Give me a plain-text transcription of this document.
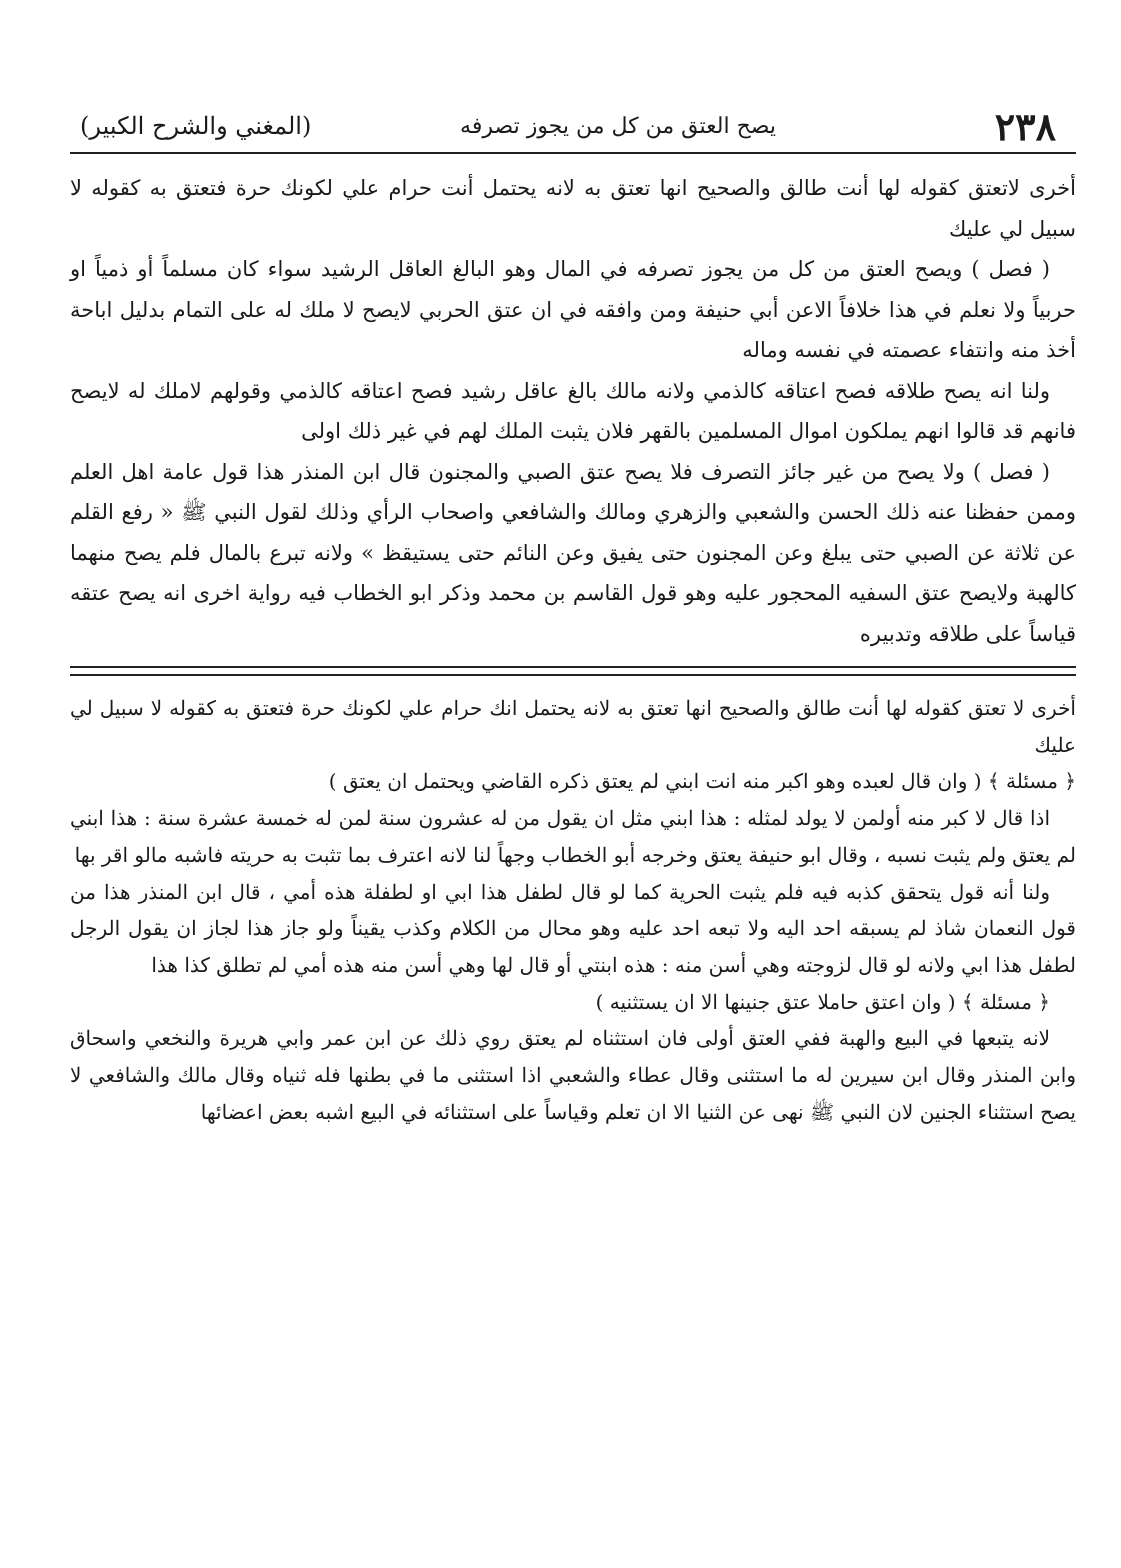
٢٣٨
يصح العتق من كل من يجوز تصرفه
(المغني والشرح الكبير)

أخرى لاتعتق كقوله لها أنت طالق والصحيح انها تعتق به لانه يحتمل أنت حرام علي لكونك حرة فتعتق به كقوله لا سبيل لي عليك

( فصل ) ويصح العتق من كل من يجوز تصرفه في المال وهو البالغ العاقل الرشيد سواء كان مسلماً أو ذمياً او حربياً ولا نعلم في هذا خلافاً الاعن أبي حنيفة ومن وافقه في ان عتق الحربي لايصح لا ملك له على التمام بدليل اباحة أخذ منه وانتفاء عصمته في نفسه وماله

ولنا انه يصح طلاقه فصح اعتاقه كالذمي ولانه مالك بالغ عاقل رشيد فصح اعتاقه كالذمي وقولهم لاملك له لايصح فانهم قد قالوا انهم يملكون اموال المسلمين بالقهر فلان يثبت الملك لهم في غير ذلك اولى

( فصل ) ولا يصح من غير جائز التصرف فلا يصح عتق الصبي والمجنون قال ابن المنذر هذا قول عامة اهل العلم وممن حفظنا عنه ذلك الحسن والشعبي والزهري ومالك والشافعي واصحاب الرأي وذلك لقول النبي ﷺ « رفع القلم عن ثلاثة عن الصبي حتى يبلغ وعن المجنون حتى يفيق وعن النائم حتى يستيقظ » ولانه تبرع بالمال فلم يصح منهما كالهبة ولايصح عتق السفيه المحجور عليه وهو قول القاسم بن محمد وذكر ابو الخطاب فيه رواية اخرى انه يصح عتقه قياساً على طلاقه وتدبيره

أخرى لا تعتق كقوله لها أنت طالق والصحيح انها تعتق به لانه يحتمل انك حرام علي لكونك حرة فتعتق به كقوله لا سبيل لي عليك

﴿ مسئلة ﴾ ( وان قال لعبده وهو اكبر منه انت ابني لم يعتق ذكره القاضي ويحتمل ان يعتق )

اذا قال لا كبر منه أولمن لا يولد لمثله : هذا ابني مثل ان يقول من له عشرون سنة لمن له خمسة عشرة سنة : هذا ابني لم يعتق ولم يثبت نسبه ، وقال ابو حنيفة يعتق وخرجه أبو الخطاب وجهاً لنا لانه اعترف بما تثبت به حريته فاشبه مالو اقر بها

ولنا أنه قول يتحقق كذبه فيه فلم يثبت الحرية كما لو قال لطفل هذا ابي او لطفلة هذه أمي ، قال ابن المنذر هذا من قول النعمان شاذ لم يسبقه احد اليه ولا تبعه احد عليه وهو محال من الكلام وكذب يقيناً ولو جاز هذا لجاز ان يقول الرجل لطفل هذا ابي ولانه لو قال لزوجته وهي أسن منه : هذه ابنتي أو قال لها وهي أسن منه هذه أمي لم تطلق كذا هذا

﴿ مسئلة ﴾ ( وان اعتق حاملا عتق جنينها الا ان يستثنيه )

لانه يتبعها في البيع والهبة ففي العتق أولى فان استثناه لم يعتق روي ذلك عن ابن عمر وابي هريرة والنخعي واسحاق وابن المنذر وقال ابن سيرين له ما استثنى وقال عطاء والشعبي اذا استثنى ما في بطنها فله ثنياه وقال مالك والشافعي لا يصح استثناء الجنين لان النبي ﷺ نهى عن الثنيا الا ان تعلم وقياساً على استثنائه في البيع اشبه بعض اعضائها
